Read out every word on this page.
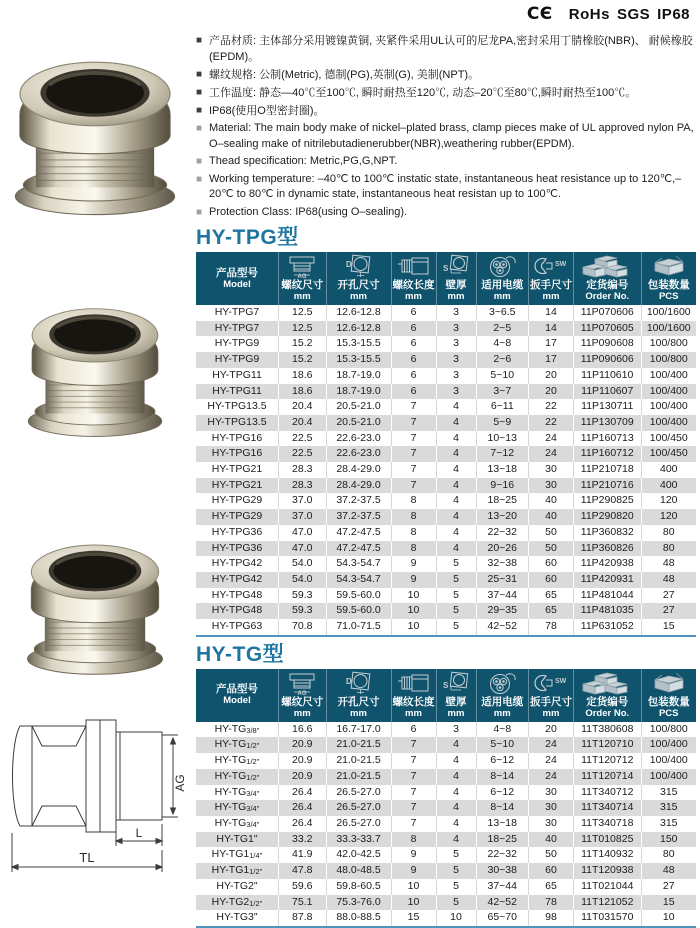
CЄ RoHs SGS IP68
AG
L
TL
■ 产品材质: 主体部分采用镀镍黄铜, 夹紧件采用UL认可的尼龙PA,密封采用丁腈橡胶(NBR)、 耐候橡胶(EPDM)。
■ 螺纹规格: 公制(Metric), 德制(PG),英制(G), 美制(NPT)。
■ 工作温度: 静态—40℃至100℃, 瞬时耐热至120℃, 动态–20℃至80℃,瞬时耐热至100℃。
■ IP68(使用O型密封圈)。
■ Material: The main body make of nickel–plated brass, clamp pieces make of UL approved nylon PA, O–sealing make of nitrilebutadienerubber(NBR),weathering rubber(EPDM).
■ Thead specification: Metric,PG,G,NPT.
■ Working temperature: –40℃ to 100℃ instatic state, instantaneous heat resistance up to 120℃,–20℃ to 80℃ in dynamic state, instantaneous heat resistan up to 100℃.
■ Protection Class: IP68(using O–sealing).
HY-TPG型
产品型号
Model

AG
螺纹尺寸
mm

D
开孔尺寸
mm

螺纹长度
mm

S
壁厚
mm

适用电缆
mm

SW
扳手尺寸
mm

定货编号
Order No.

包装数量
PCS

HY-TPG7	12.5	12.6-12.8	6	3	3~6.5	14	11P070606	100/1600
HY-TPG7	12.5	12.6-12.8	6	3	2~5	14	11P070605	100/1600
HY-TPG9	15.2	15.3-15.5	6	3	4~8	17	11P090608	100/800
HY-TPG9	15.2	15.3-15.5	6	3	2~6	17	11P090606	100/800
HY-TPG11	18.6	18.7-19.0	6	3	5~10	20	11P110610	100/400
HY-TPG11	18.6	18.7-19.0	6	3	3~7	20	11P110607	100/400
HY-TPG13.5	20.4	20.5-21.0	7	4	6~11	22	11P130711	100/400
HY-TPG13.5	20.4	20.5-21.0	7	4	5~9	22	11P130709	100/400
HY-TPG16	22.5	22.6-23.0	7	4	10~13	24	11P160713	100/450
HY-TPG16	22.5	22.6-23.0	7	4	7~12	24	11P160712	100/450
HY-TPG21	28.3	28.4-29.0	7	4	13~18	30	11P210718	400
HY-TPG21	28.3	28.4-29.0	7	4	9~16	30	11P210716	400
HY-TPG29	37.0	37.2-37.5	8	4	18~25	40	11P290825	120
HY-TPG29	37.0	37.2-37.5	8	4	13~20	40	11P290820	120
HY-TPG36	47.0	47.2-47.5	8	4	22~32	50	11P360832	80
HY-TPG36	47.0	47.2-47.5	8	4	20~26	50	11P360826	80
HY-TPG42	54.0	54.3-54.7	9	5	32~38	60	11P420938	48
HY-TPG42	54.0	54.3-54.7	9	5	25~31	60	11P420931	48
HY-TPG48	59.3	59.5-60.0	10	5	37~44	65	11P481044	27
HY-TPG48	59.3	59.5-60.0	10	5	29~35	65	11P481035	27
HY-TPG63	70.8	71.0-71.5	10	5	42~52	78	11P631052	15
HY-TG型
产品型号
Model

AG
螺纹尺寸
mm

D
开孔尺寸
mm

螺纹长度
mm

S
壁厚
mm

适用电缆
mm

SW
扳手尺寸
mm

定货编号
Order No.

包装数量
PCS

HY-TG3/8"	16.6	16.7-17.0	6	3	4~8	20	11T380608	100/800
HY-TG1/2"	20.9	21.0-21.5	7	4	5~10	24	11T120710	100/400
HY-TG1/2"	20.9	21.0-21.5	7	4	6~12	24	11T120712	100/400
HY-TG1/2"	20.9	21.0-21.5	7	4	8~14	24	11T120714	100/400
HY-TG3/4"	26.4	26.5-27.0	7	4	6~12	30	11T340712	315
HY-TG3/4"	26.4	26.5-27.0	7	4	8~14	30	11T340714	315
HY-TG3/4"	26.4	26.5-27.0	7	4	13~18	30	11T340718	315
HY-TG1"	33.2	33.3-33.7	8	4	18~25	40	11T010825	150
HY-TG11/4"	41.9	42.0-42.5	9	5	22~32	50	11T140932	80
HY-TG11/2"	47.8	48.0-48.5	9	5	30~38	60	11T120938	48
HY-TG2"	59.6	59.8-60.5	10	5	37~44	65	11T021044	27
HY-TG21/2"	75.1	75.3-76.0	10	5	42~52	78	11T121052	15
HY-TG3"	87.8	88.0-88.5	15	10	65~70	98	11T031570	10
